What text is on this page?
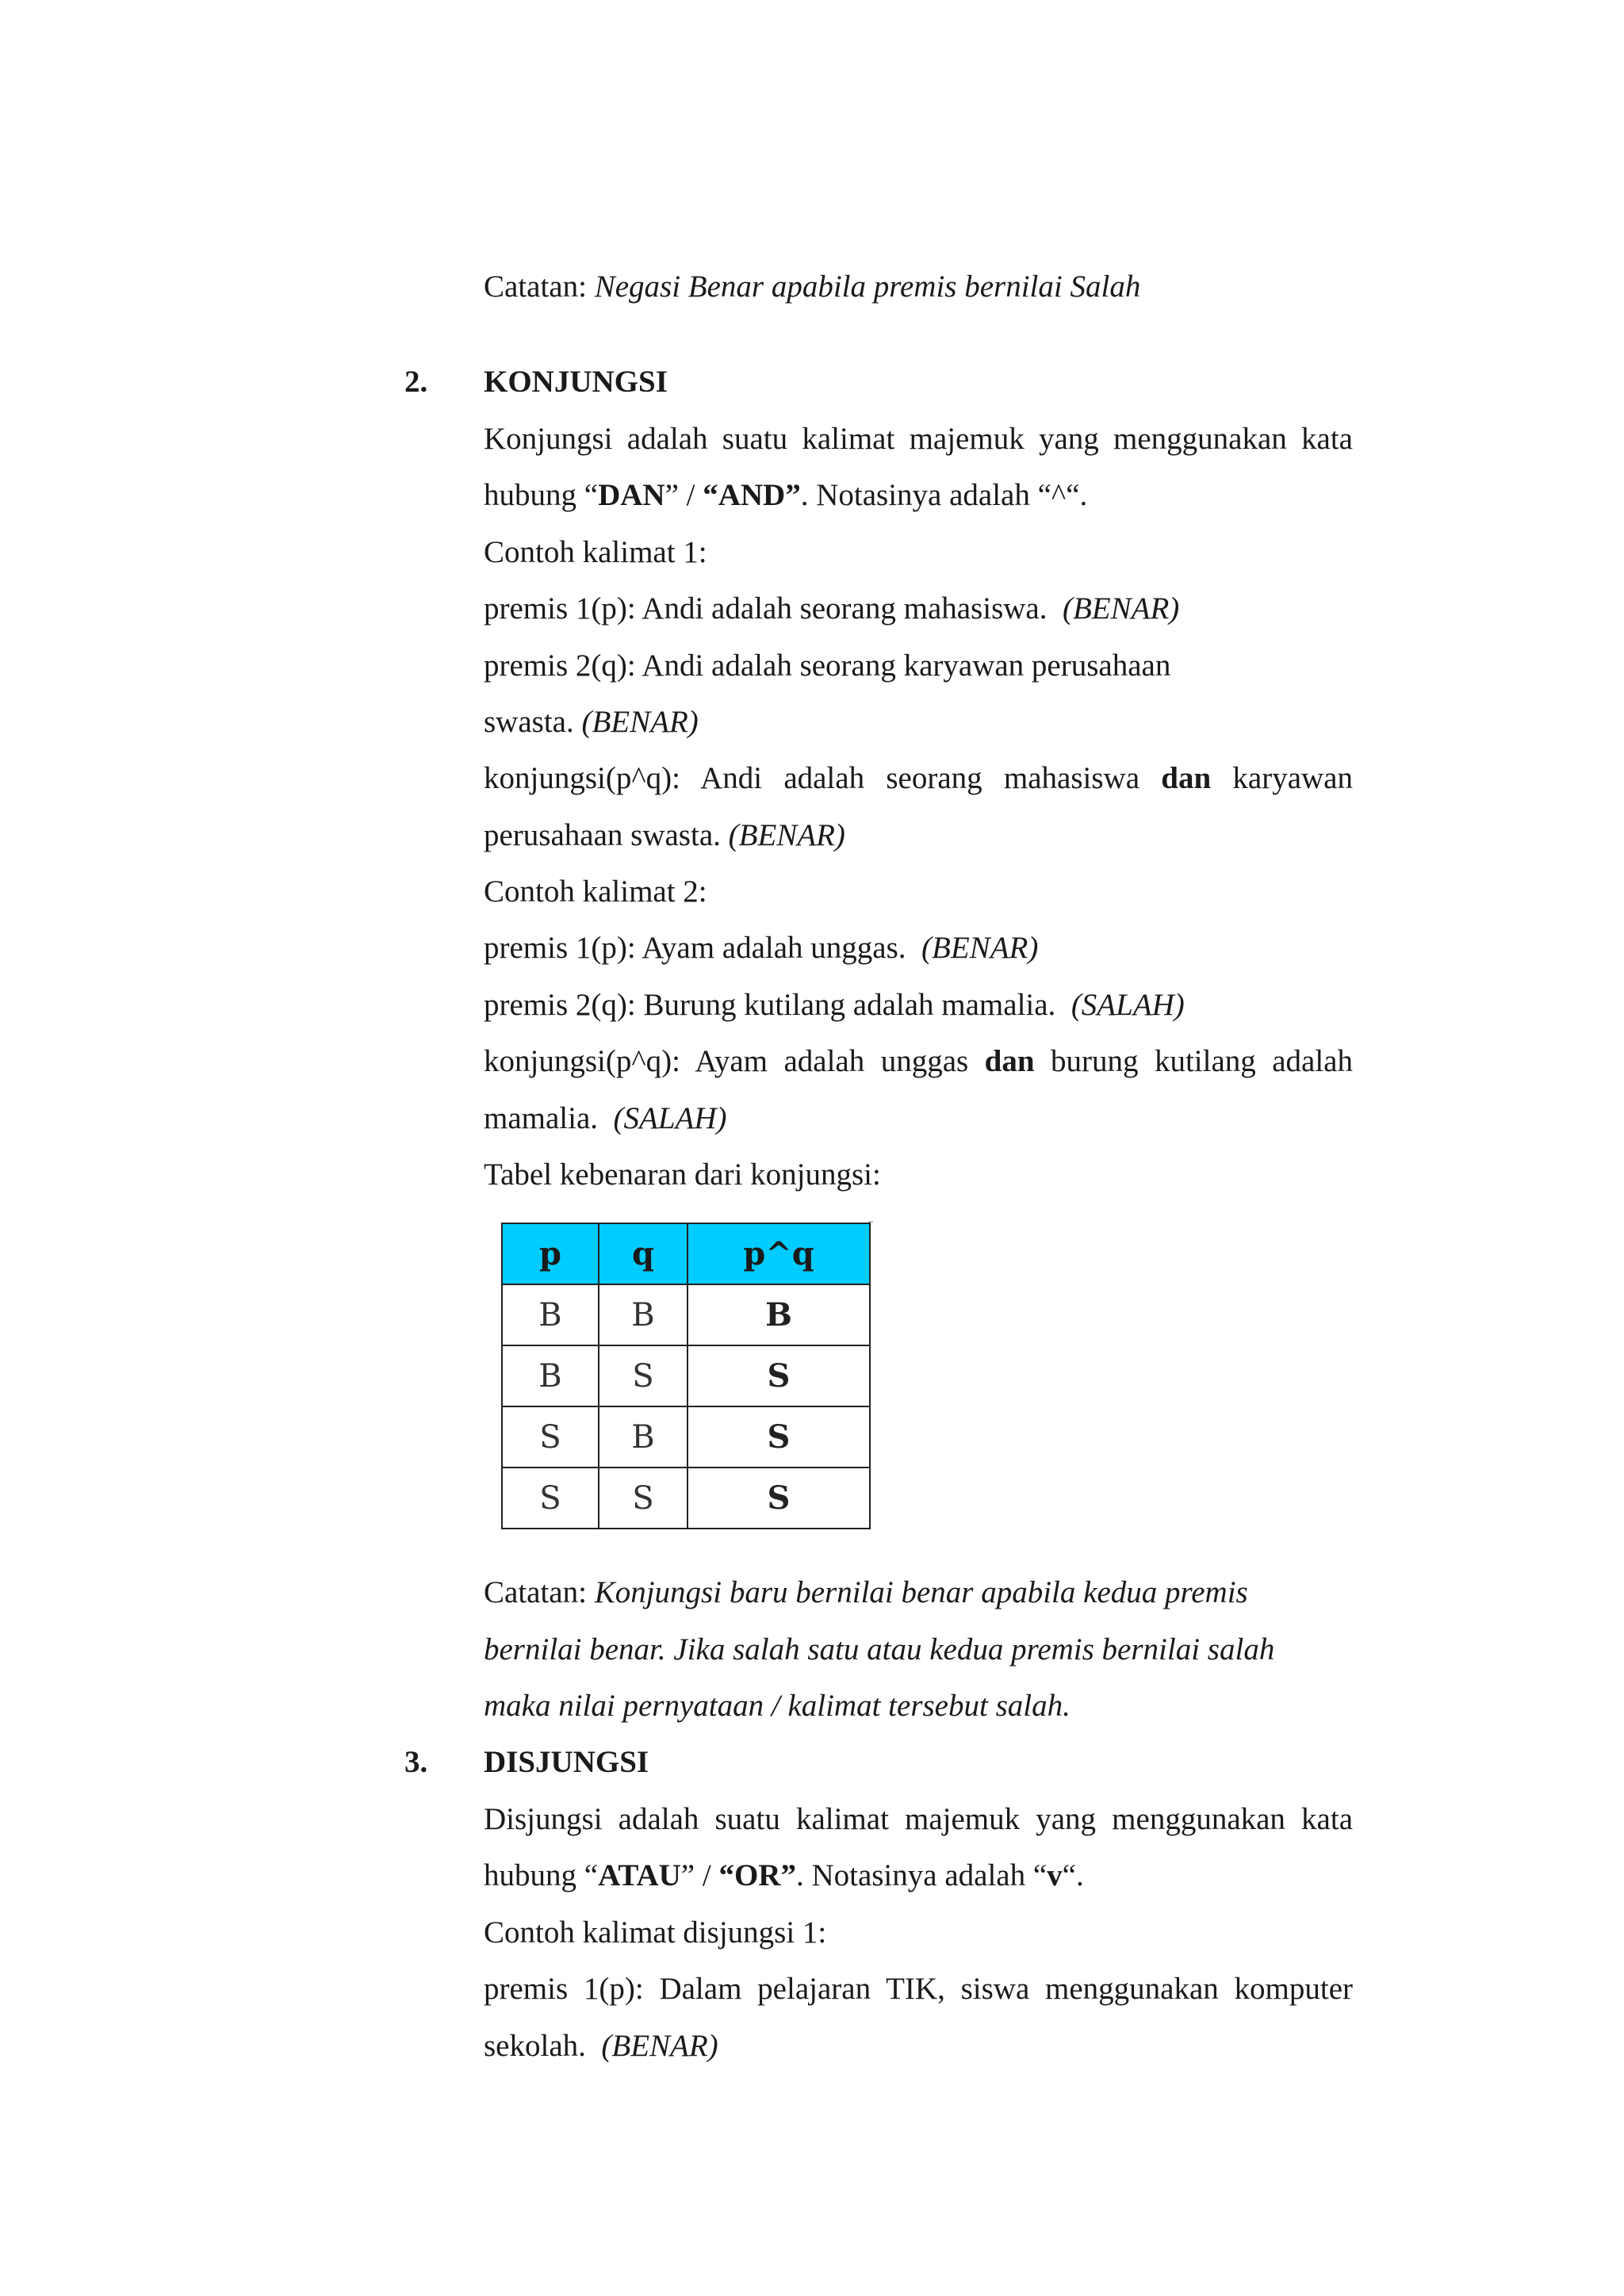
Catatan: Negasi Benar apabila premis bernilai Salah
2. KONJUNGSI
Konjungsi adalah suatu kalimat majemuk yang menggunakan kata
hubung “DAN” / “AND”. Notasinya adalah “^“.
Contoh kalimat 1:
premis 1(p): Andi adalah seorang mahasiswa. (BENAR)
premis 2(q): Andi adalah seorang karyawan perusahaan
swasta. (BENAR)
konjungsi(p^q): Andi adalah seorang mahasiswa dan karyawan
perusahaan swasta. (BENAR)
Contoh kalimat 2:
premis 1(p): Ayam adalah unggas. (BENAR)
premis 2(q): Burung kutilang adalah mamalia. (SALAH)
konjungsi(p^q): Ayam adalah unggas dan burung kutilang adalah
mamalia. (SALAH)
Tabel kebenaran dari konjungsi:
p	q	p^q
B	B	B
B	S	S
S	B	S
S	S	S
Catatan: Konjungsi baru bernilai benar apabila kedua premis
bernilai benar. Jika salah satu atau kedua premis bernilai salah
maka nilai pernyataan / kalimat tersebut salah.
3. DISJUNGSI
Disjungsi adalah suatu kalimat majemuk yang menggunakan kata
hubung “ATAU” / “OR”. Notasinya adalah “v“.
Contoh kalimat disjungsi 1:
premis 1(p): Dalam pelajaran TIK, siswa menggunakan komputer
sekolah. (BENAR)
